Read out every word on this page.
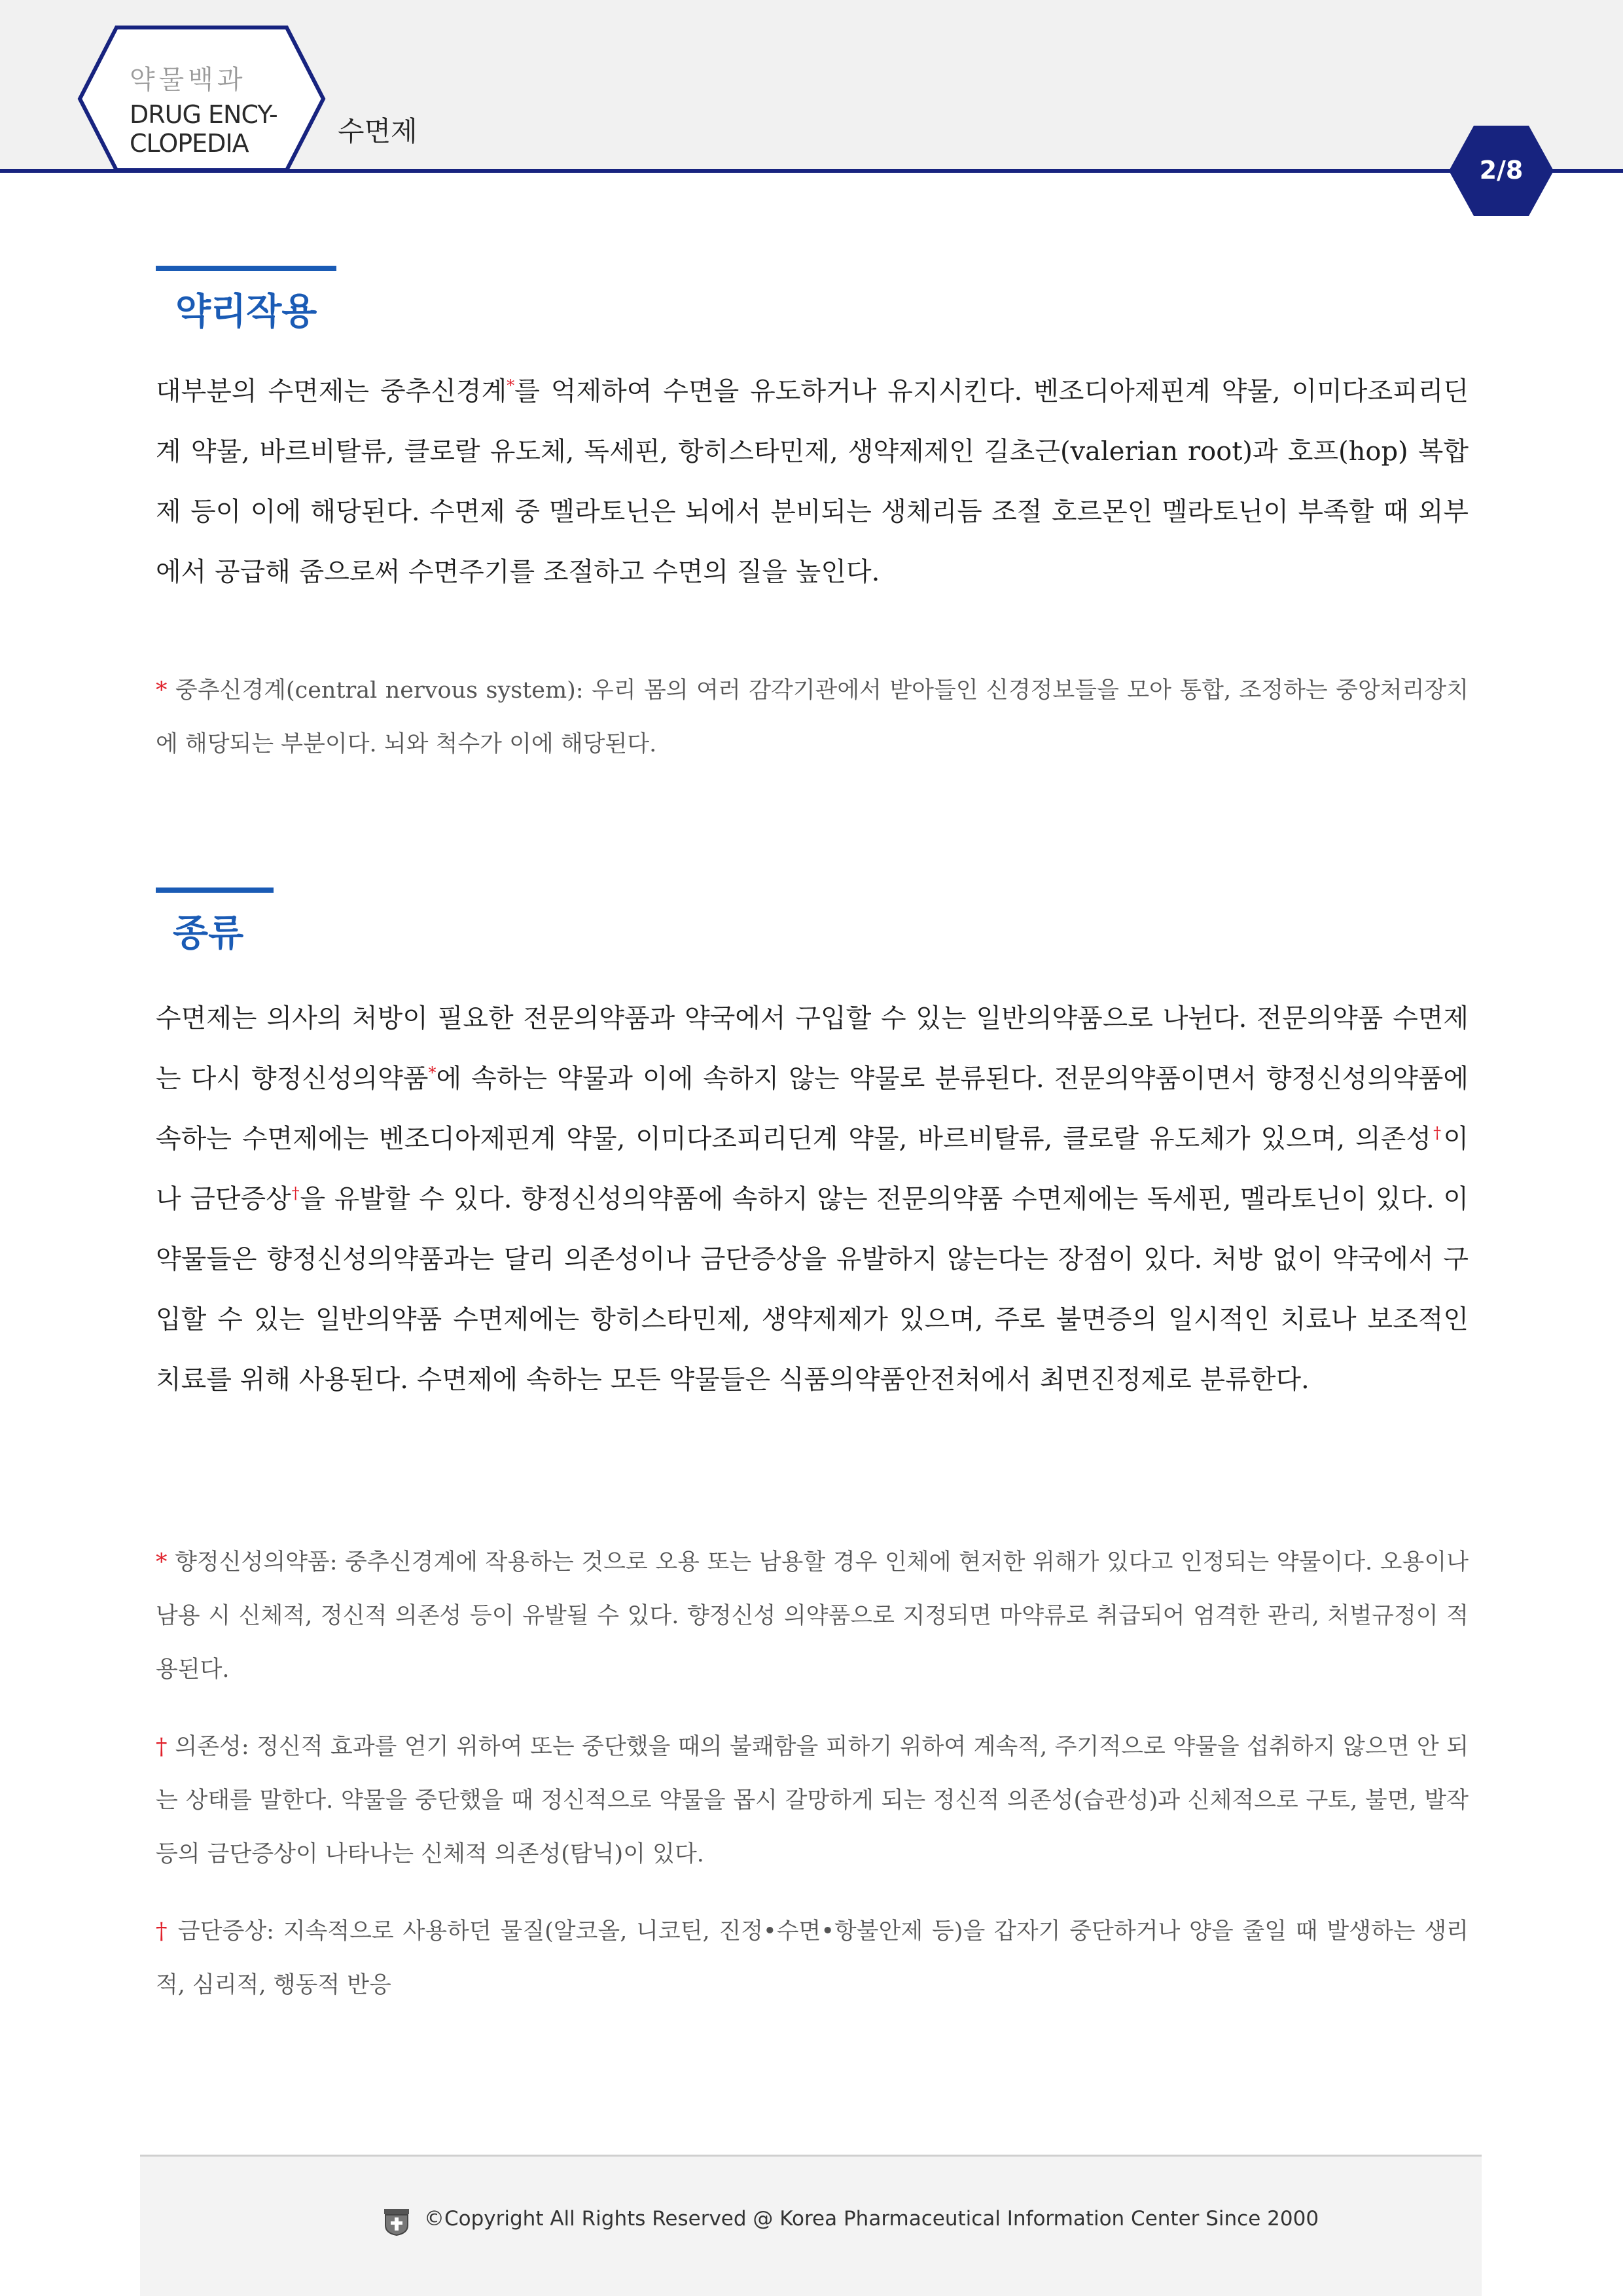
약물백과
DRUG ENCY-
CLOPEDIA	수면제
2/8
약리작용

대부분의 수면제는 중추신경계*를 억제하여 수면을 유도하거나 유지시킨다. 벤조디아제핀계 약물, 이미다조피리딘계 약물, 바르비탈류, 클로랄 유도체, 독세핀, 항히스타민제, 생약제제인 길초근(valerian root)과 호프(hop) 복합제 등이 이에 해당된다. 수면제 중 멜라토닌은 뇌에서 분비되는 생체리듬 조절 호르몬인 멜라토닌이 부족할 때 외부에서 공급해 줌으로써 수면주기를 조절하고 수면의 질을 높인다.

* 중추신경계(central nervous system): 우리 몸의 여러 감각기관에서 받아들인 신경정보들을 모아 통합, 조정하는 중앙처리장치에 해당되는 부분이다. 뇌와 척수가 이에 해당된다.

종류

수면제는 의사의 처방이 필요한 전문의약품과 약국에서 구입할 수 있는 일반의약품으로 나뉜다. 전문의약품 수면제는 다시 향정신성의약품*에 속하는 약물과 이에 속하지 않는 약물로 분류된다. 전문의약품이면서 향정신성의약품에 속하는 수면제에는 벤조디아제핀계 약물, 이미다조피리딘계 약물, 바르비탈류, 클로랄 유도체가 있으며, 의존성†이나 금단증상†을 유발할 수 있다. 향정신성의약품에 속하지 않는 전문의약품 수면제에는 독세핀, 멜라토닌이 있다. 이 약물들은 향정신성의약품과는 달리 의존성이나 금단증상을 유발하지 않는다는 장점이 있다. 처방 없이 약국에서 구입할 수 있는 일반의약품 수면제에는 항히스타민제, 생약제제가 있으며, 주로 불면증의 일시적인 치료나 보조적인 치료를 위해 사용된다. 수면제에 속하는 모든 약물들은 식품의약품안전처에서 최면진정제로 분류한다.

* 향정신성의약품: 중추신경계에 작용하는 것으로 오용 또는 남용할 경우 인체에 현저한 위해가 있다고 인정되는 약물이다. 오용이나 남용 시 신체적, 정신적 의존성 등이 유발될 수 있다. 향정신성 의약품으로 지정되면 마약류로 취급되어 엄격한 관리, 처벌규정이 적용된다.

† 의존성: 정신적 효과를 얻기 위하여 또는 중단했을 때의 불쾌함을 피하기 위하여 계속적, 주기적으로 약물을 섭취하지 않으면 안 되는 상태를 말한다. 약물을 중단했을 때 정신적으로 약물을 몹시 갈망하게 되는 정신적 의존성(습관성)과 신체적으로 구토, 불면, 발작 등의 금단증상이 나타나는 신체적 의존성(탐닉)이 있다.

† 금단증상: 지속적으로 사용하던 물질(알코올, 니코틴, 진정•수면•항불안제 등)을 갑자기 중단하거나 양을 줄일 때 발생하는 생리적, 심리적, 행동적 반응

©Copyright All Rights Reserved @ Korea Pharmaceutical Information Center Since 2000
